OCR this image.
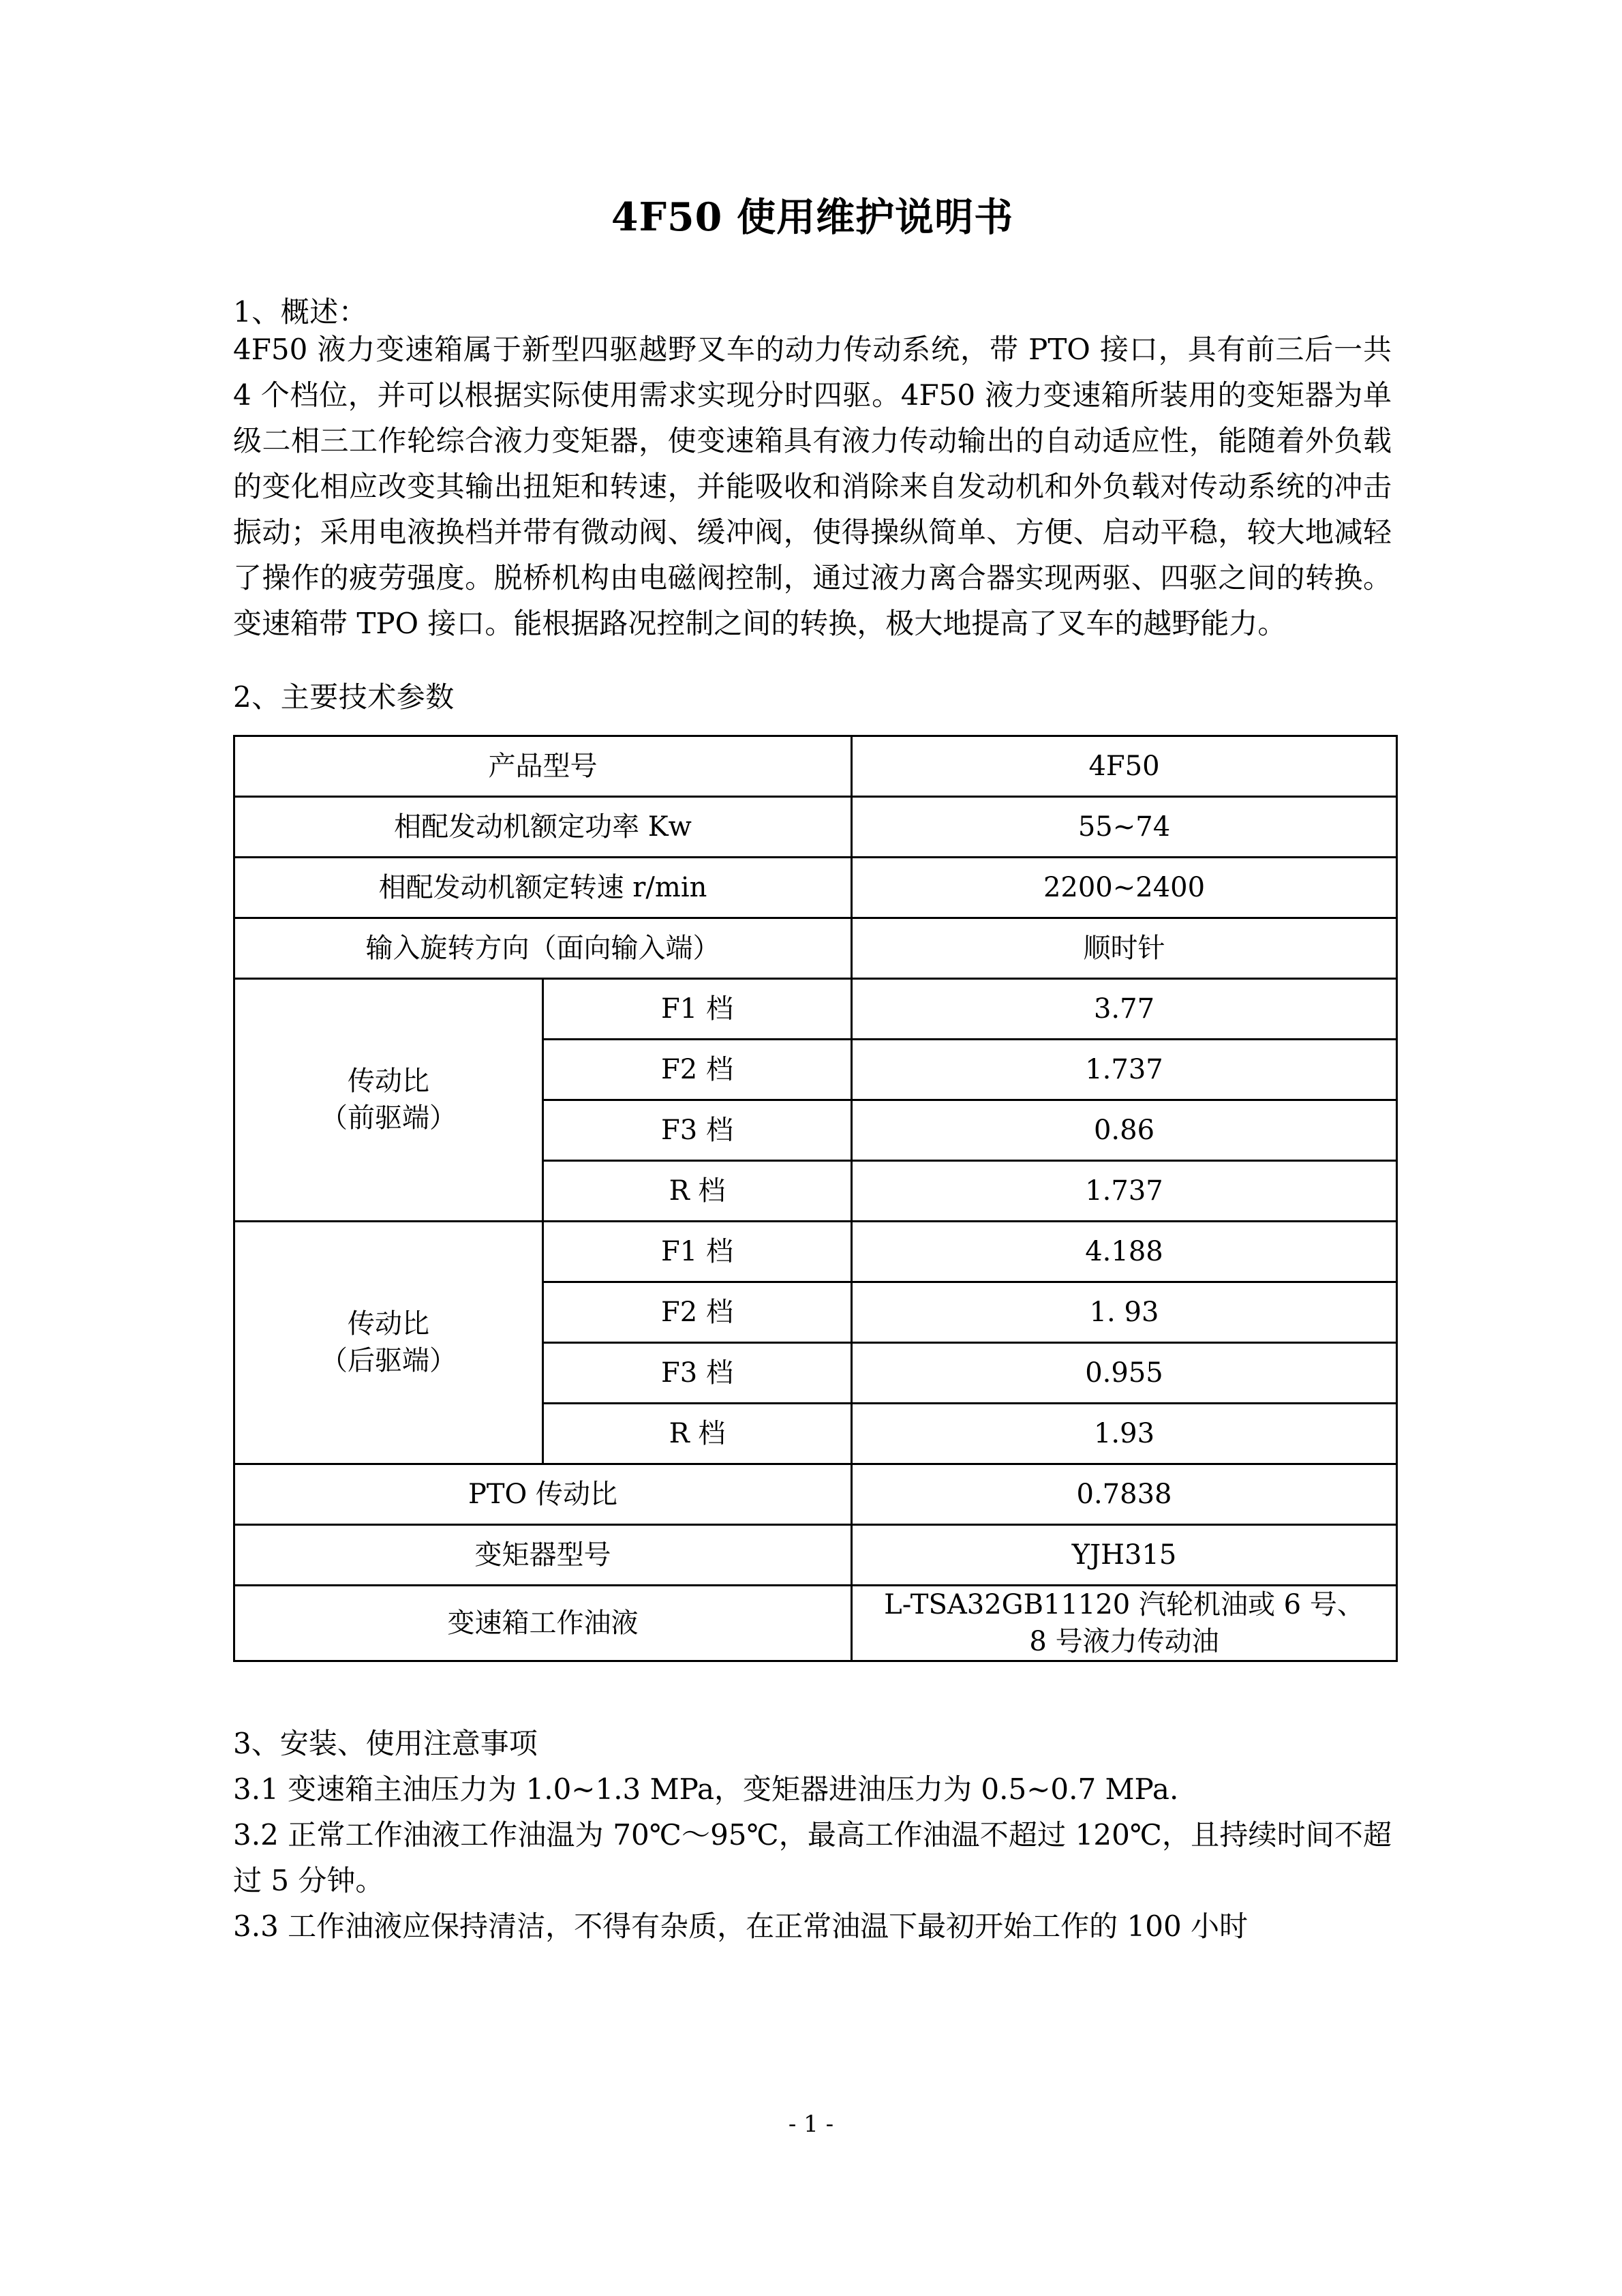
4F50 使用维护说明书

1、概述：

4F50 液力变速箱属于新型四驱越野叉车的动力传动系统，带 PTO 接口，具有前三后一共 4 个档位，并可以根据实际使用需求实现分时四驱。4F50 液力变速箱所装用的变矩器为单级二相三工作轮综合液力变矩器，使变速箱具有液力传动输出的自动适应性，能随着外负载的变化相应改变其输出扭矩和转速，并能吸收和消除来自发动机和外负载对传动系统的冲击振动；采用电液换档并带有微动阀、缓冲阀，使得操纵简单、方便、启动平稳，较大地减轻了操作的疲劳强度。脱桥机构由电磁阀控制，通过液力离合器实现两驱、四驱之间的转换。变速箱带 TPO 接口。能根据路况控制之间的转换，极大地提高了叉车的越野能力。

2、主要技术参数

产品型号		4F50
相配发动机额定功率 Kw		55~74
相配发动机额定转速 r/min		2200~2400
输入旋转方向（面向输入端）		顺时针

传动比
（前驱端）	F1 档	3.77
	F2 档	1.737
	F3 档	0.86
	R 档	1.737

传动比
（后驱端）	F1 档	4.188
	F2 档	1. 93
	F3 档	0.955
	R 档	1.93
PTO 传动比		0.7838
变矩器型号		YJH315
变速箱工作油液		L-TSA32GB11120 汽轮机油或 6 号、
8 号液力传动油

3、安装、使用注意事项

3.1 变速箱主油压力为 1.0~1.3 MPa，变矩器进油压力为 0.5~0.7 MPa.

3.2 正常工作油液工作油温为 70℃～95℃，最高工作油温不超过 120℃，且持续时间不超过 5 分钟。

3.3 工作油液应保持清洁，不得有杂质，在正常油温下最初开始工作的 100 小时

- 1 -
